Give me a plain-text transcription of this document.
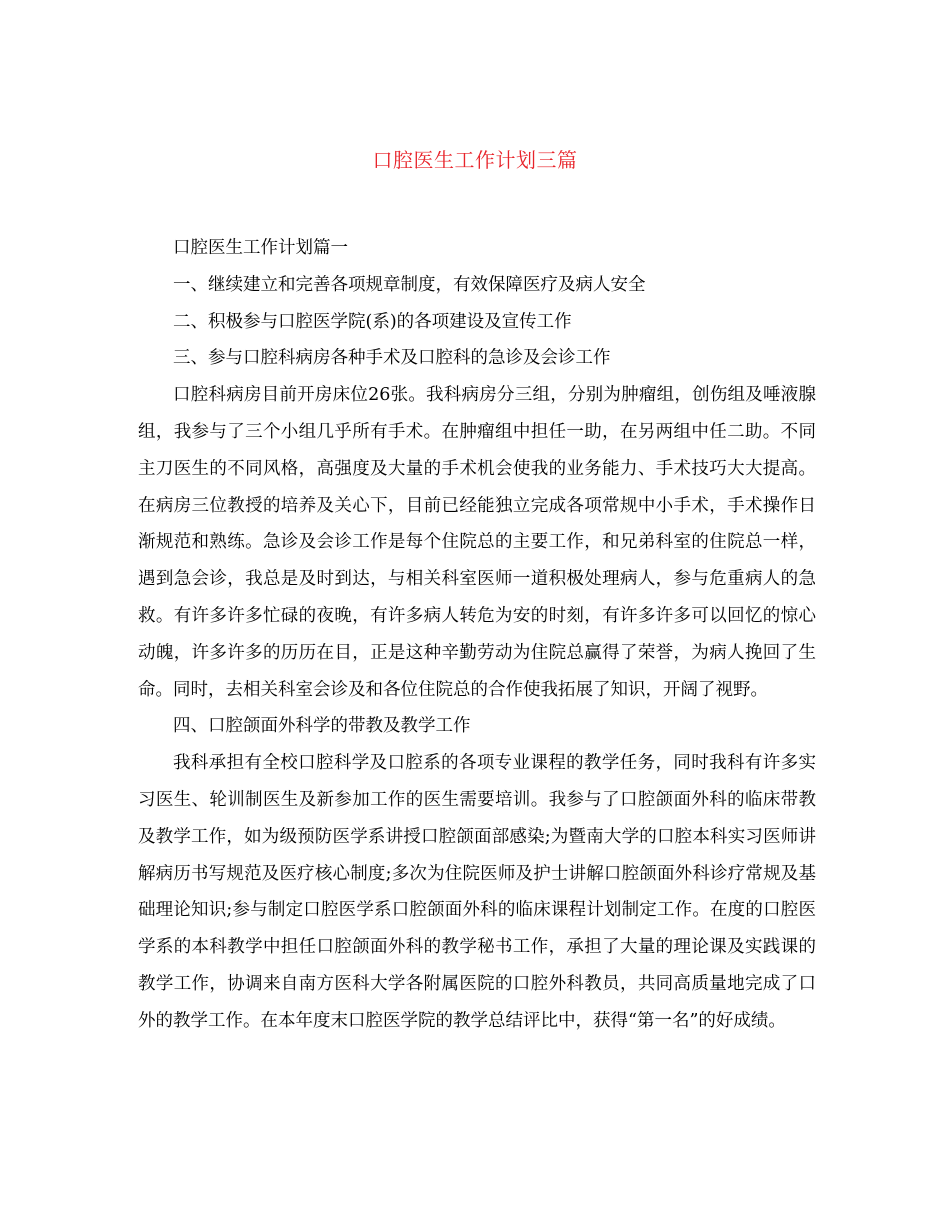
口腔医生工作计划三篇

口腔医生工作计划篇一

一、继续建立和完善各项规章制度，有效保障医疗及病人安全

二、积极参与口腔医学院(系)的各项建设及宣传工作

三、参与口腔科病房各种手术及口腔科的急诊及会诊工作

口腔科病房目前开房床位26张。我科病房分三组，分别为肿瘤组，创伤组及唾液腺组，我参与了三个小组几乎所有手术。在肿瘤组中担任一助，在另两组中任二助。不同主刀医生的不同风格，高强度及大量的手术机会使我的业务能力、手术技巧大大提高。在病房三位教授的培养及关心下，目前已经能独立完成各项常规中小手术，手术操作日渐规范和熟练。急诊及会诊工作是每个住院总的主要工作，和兄弟科室的住院总一样，遇到急会诊，我总是及时到达，与相关科室医师一道积极处理病人，参与危重病人的急救。有许多许多忙碌的夜晚，有许多病人转危为安的时刻，有许多许多可以回忆的惊心动魄，许多许多的历历在目，正是这种辛勤劳动为住院总赢得了荣誉，为病人挽回了生命。同时，去相关科室会诊及和各位住院总的合作使我拓展了知识，开阔了视野。

四、口腔颌面外科学的带教及教学工作

我科承担有全校口腔科学及口腔系的各项专业课程的教学任务，同时我科有许多实习医生、轮训制医生及新参加工作的医生需要培训。我参与了口腔颌面外科的临床带教及教学工作，如为级预防医学系讲授口腔颌面部感染;为暨南大学的口腔本科实习医师讲解病历书写规范及医疗核心制度;多次为住院医师及护士讲解口腔颌面外科诊疗常规及基础理论知识;参与制定口腔医学系口腔颌面外科的临床课程计划制定工作。在度的口腔医学系的本科教学中担任口腔颌面外科的教学秘书工作，承担了大量的理论课及实践课的教学工作，协调来自南方医科大学各附属医院的口腔外科教员，共同高质量地完成了口外的教学工作。在本年度末口腔医学院的教学总结评比中，获得“第一名”的好成绩。
